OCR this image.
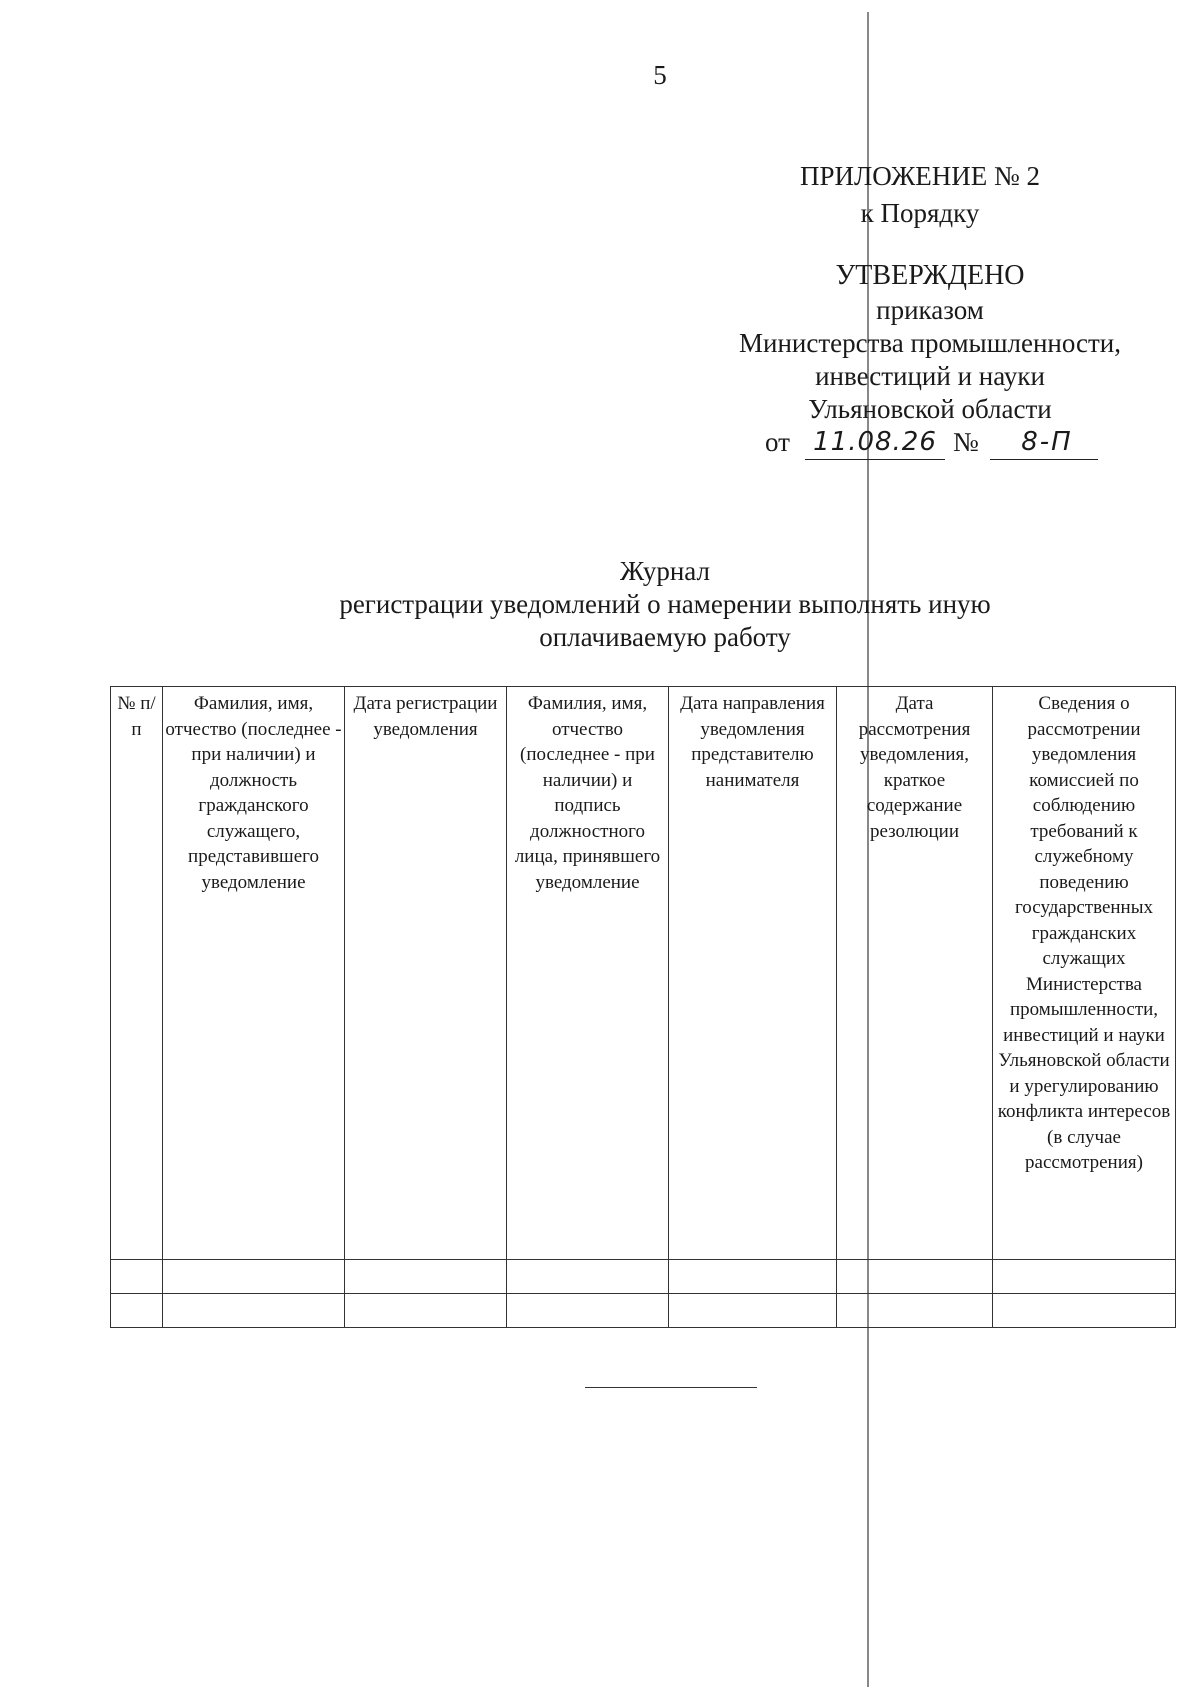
5
ПРИЛОЖЕНИЕ № 2
к Порядку
УТВЕРЖДЕНО
приказом
Министерства промышленности,
инвестиций и науки
Ульяновской области
от 11.08.26 №	8-П
Журнал
регистрации уведомлений о намерении выполнять иную
оплачиваемую работу
№ п/п	Фамилия, имя, отчество (последнее - при наличии) и должность гражданского служащего, представившего уведомление	Дата регистрации уведомления	Фамилия, имя, отчество (последнее - при наличии) и подпись должностного лица, принявшего уведомление	Дата направления уведомления представителю нанимателя	Дата рассмотрения уведомления, краткое содержание резолюции	Сведения о рассмотрении уведомления комиссией по соблюдению требований к служебному поведению государственных гражданских служащих Министерства промышленности, инвестиций и науки Ульяновской области и урегулированию конфликта интересов (в случае рассмотрения)
